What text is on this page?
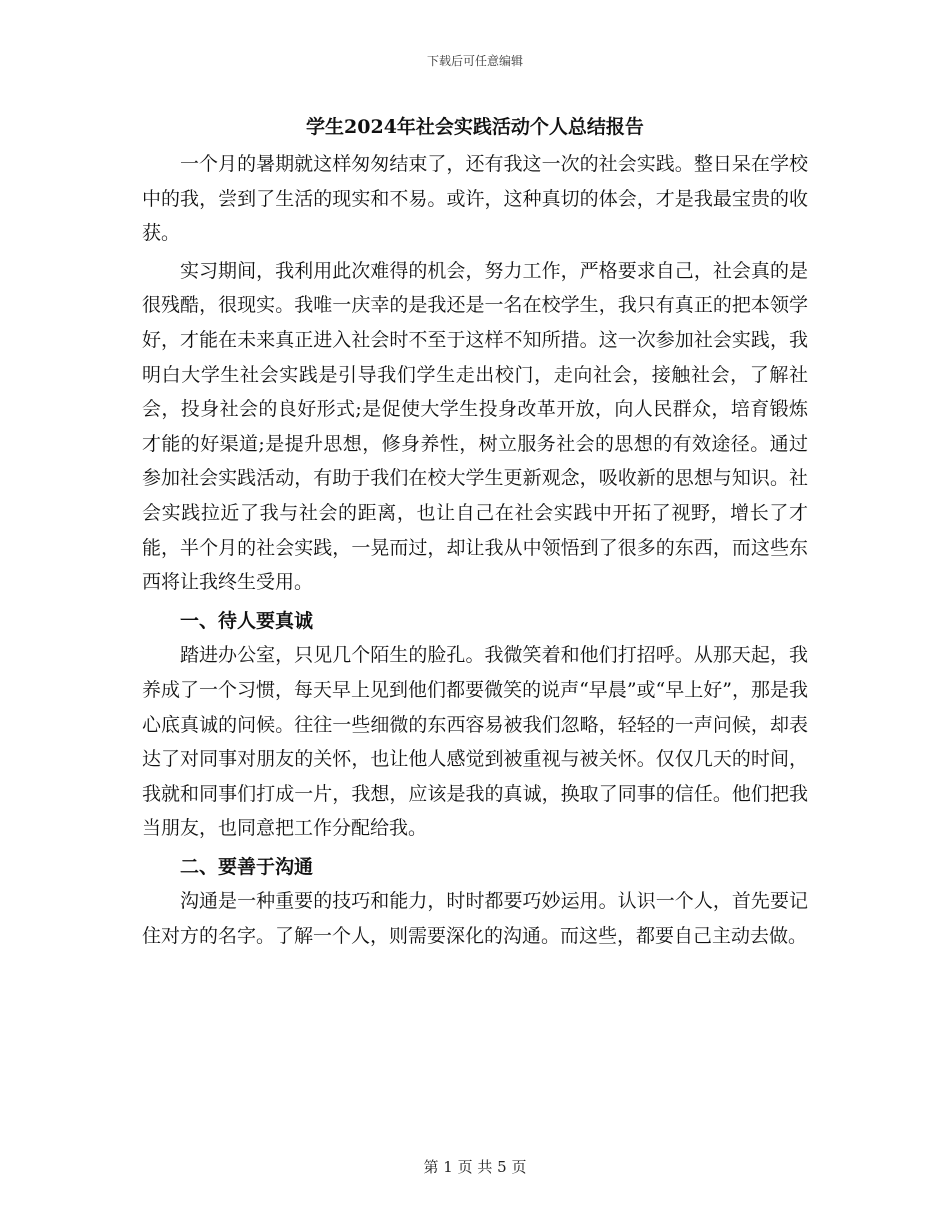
下载后可任意编辑
学生2024年社会实践活动个人总结报告

一个月的暑期就这样匆匆结束了，还有我这一次的社会实践。整日呆在学校中的我，尝到了生活的现实和不易。或许，这种真切的体会，才是我最宝贵的收获。

实习期间，我利用此次难得的机会，努力工作，严格要求自己，社会真的是很残酷，很现实。我唯一庆幸的是我还是一名在校学生，我只有真正的把本领学好，才能在未来真正进入社会时不至于这样不知所措。这一次参加社会实践，我明白大学生社会实践是引导我们学生走出校门，走向社会，接触社会，了解社会，投身社会的良好形式;是促使大学生投身改革开放，向人民群众，培育锻炼才能的好渠道;是提升思想，修身养性，树立服务社会的思想的有效途径。通过参加社会实践活动，有助于我们在校大学生更新观念，吸收新的思想与知识。社会实践拉近了我与社会的距离，也让自己在社会实践中开拓了视野，增长了才能，半个月的社会实践，一晃而过，却让我从中领悟到了很多的东西，而这些东西将让我终生受用。

一、待人要真诚

踏进办公室，只见几个陌生的脸孔。我微笑着和他们打招呼。从那天起，我养成了一个习惯，每天早上见到他们都要微笑的说声“早晨”或“早上好”，那是我心底真诚的问候。往往一些细微的东西容易被我们忽略，轻轻的一声问候，却表达了对同事对朋友的关怀，也让他人感觉到被重视与被关怀。仅仅几天的时间，我就和同事们打成一片，我想，应该是我的真诚，换取了同事的信任。他们把我当朋友，也同意把工作分配给我。

二、要善于沟通

沟通是一种重要的技巧和能力，时时都要巧妙运用。认识一个人，首先要记住对方的名字。了解一个人，则需要深化的沟通。而这些，都要自己主动去做。

第 1 页 共 5 页
